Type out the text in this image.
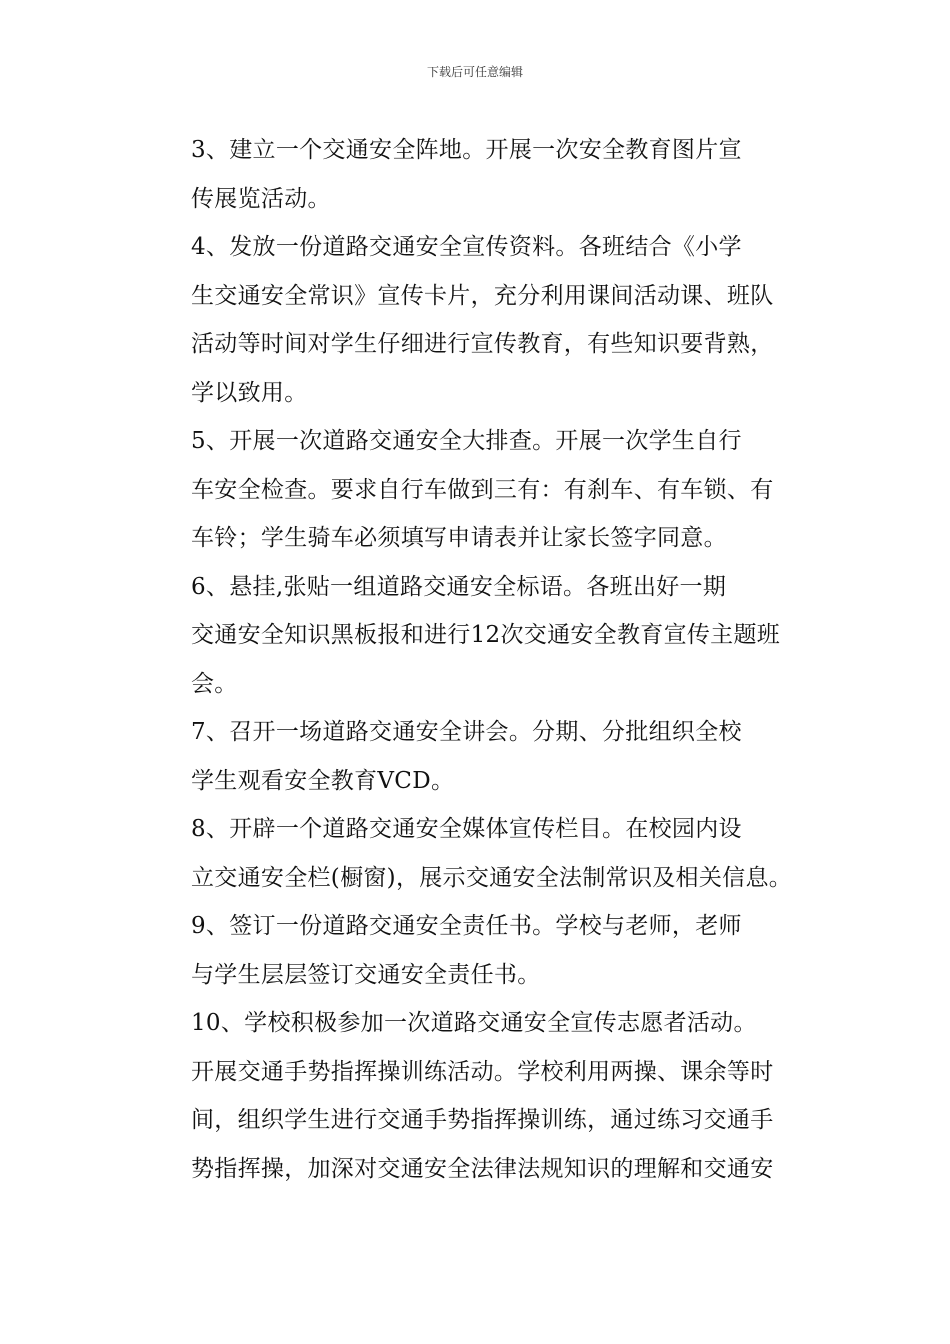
下载后可任意编辑

3、建立一个交通安全阵地。开展一次安全教育图片宣
传展览活动。

4、发放一份道路交通安全宣传资料。各班结合《小学
生交通安全常识》宣传卡片，充分利用课间活动课、班队
活动等时间对学生仔细进行宣传教育，有些知识要背熟，
学以致用。

5、开展一次道路交通安全大排查。开展一次学生自行
车安全检查。要求自行车做到三有：有刹车、有车锁、有
车铃；学生骑车必须填写申请表并让家长签字同意。

6、悬挂,张贴一组道路交通安全标语。各班出好一期
交通安全知识黑板报和进行12次交通安全教育宣传主题班
会。

7、召开一场道路交通安全讲会。分期、分批组织全校
学生观看安全教育VCD。

8、开辟一个道路交通安全媒体宣传栏目。在校园内设
立交通安全栏(橱窗)，展示交通安全法制常识及相关信息。

9、签订一份道路交通安全责任书。学校与老师，老师
与学生层层签订交通安全责任书。

10、学校积极参加一次道路交通安全宣传志愿者活动。
开展交通手势指挥操训练活动。学校利用两操、课余等时
间，组织学生进行交通手势指挥操训练，通过练习交通手
势指挥操，加深对交通安全法律法规知识的理解和交通安
